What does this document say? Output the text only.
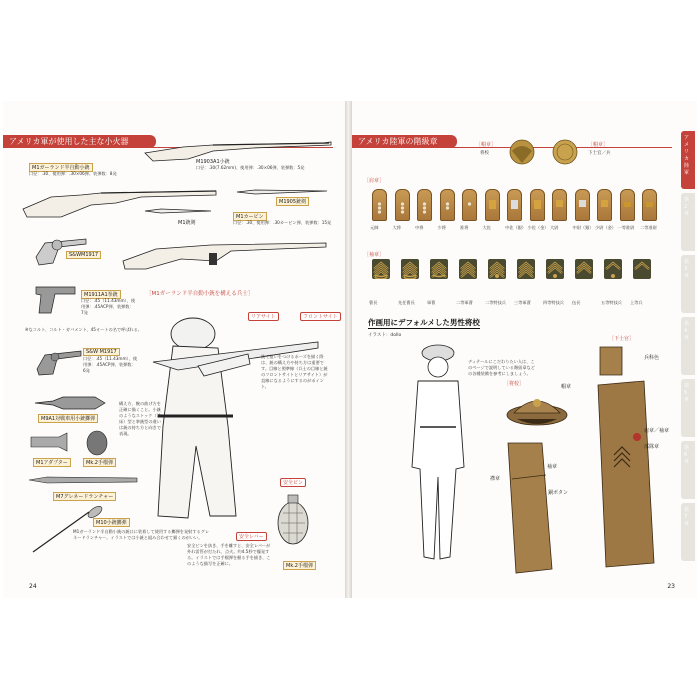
アメリカ軍が使用した主な小火器
M1903A1小銃
口径：.30(7.62mm)、使用弾：.30×06弾、装弾数：5発
M1ガーランド半自動小銃
口径：.30、使用弾：.30×06弾、装弾数：8発
M1905銃剣
M1銃剣
M1カービン
口径：.30、使用弾：.30カービン弾、装弾数：15発
S&WM1917
M1911A1拳銃
口径：.45（11.43mm）、使用弾：.45ACP弾、装弾数：7発
※なコルト、コルト・ガバメント、45オートの名で呼ばれる。
S&W M1917
口径：.45（11.43mm）、使用弾：.45ACP弾、装弾数：6発
M9A1対戦車用小銃擲弾
M1アダプター	Mk.2手榴弾
M7グレネードランチャー
M10小銃擲弾
M1ガーランド半自動小銃の銃口に装着して使用する擲弾を発射するグレネードランチャー。イラストでは小銃と組み合わせて描くのがいい。
［M1ガーランド半自動小銃を構える兵士］
リアサイト	フロントサイト
銃で狙いをつけるポーズを描く際は、銃の構え方や持ち方は重要です。目線と照準線（兵士の目線と銃のフロントサイトとリアサイト）が直線になるようにするのがポイント。
構え方、腕の曲げ方を正確に描くこと。小銃のようなストック（銃床）型と拳銃型の違いは銃の持ち方と向きで表現。
安全ピン
安全レバー
Mk.2手榴弾
安全ピンを抜き、手を離すと、安全レバーが外れ雷管が打たれ、点火。約4.5秒で爆発する。イラストでは手榴弾を握る手を描き、このような描写を正確に。
24
アメリカ陸軍の階級章	［帽章］
将校
［帽章］
下士官／兵
［肩章］
元帥	大将	中将	少将	准将	大佐	中佐（銀） 少佐（金） 大尉	中尉（銀） 少尉（金） 一等准尉 二等准尉
［袖章］
曹長	先任曹長	軍曹	二等軍曹	二等特技兵 三等軍曹	四等特技兵 伍長	五等特技兵 上等兵
作画用にデフォルメした男性将校
イラスト：dollo
ディテールにこだわりたい人は、このページで説明している階級章などの各種装備を参考にしましょう。
［将校］
［下士官］
帽章
襟章
袖章
銅ボタン
兵科色
肩章／袖章
部隊章
アメリカ陸軍
第2章
第3章
第4章
第5章
第6章
第7章
23
